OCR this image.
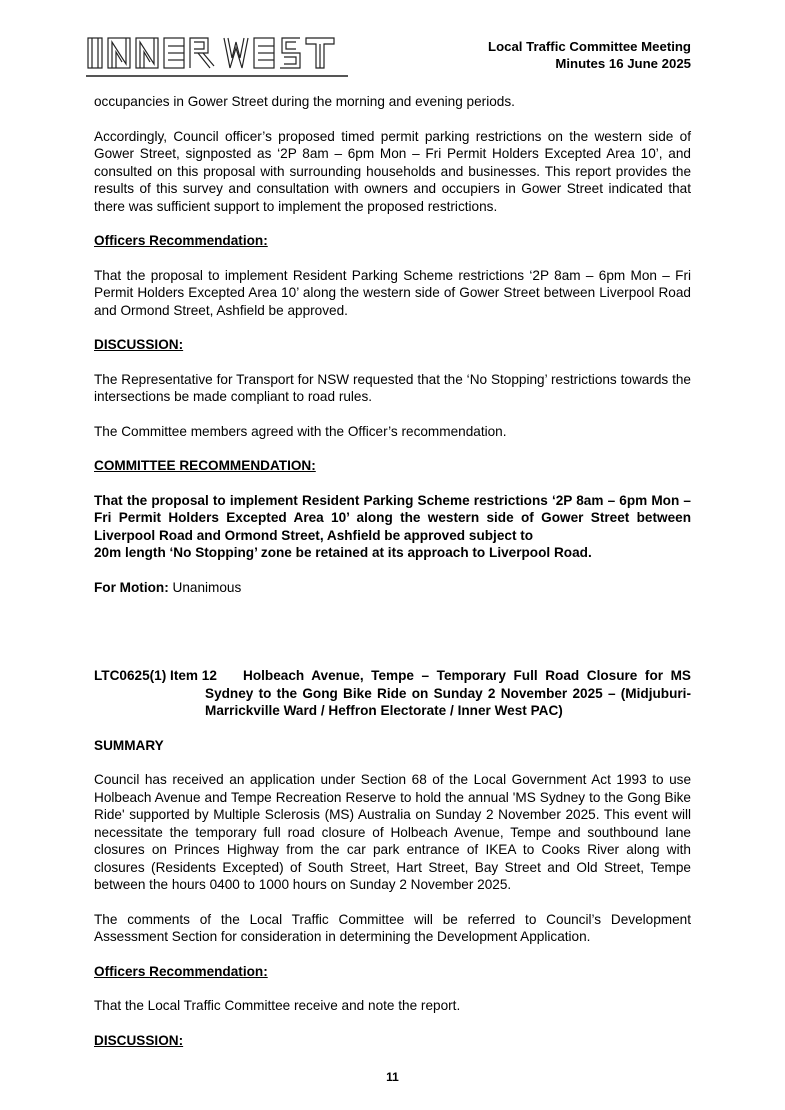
Local Traffic Committee Meeting
Minutes 16 June 2025

occupancies in Gower Street during the morning and evening periods.

Accordingly, Council officer’s proposed timed permit parking restrictions on the western side of Gower Street, signposted as ‘2P 8am – 6pm Mon – Fri Permit Holders Excepted Area 10’, and consulted on this proposal with surrounding households and businesses. This report provides the results of this survey and consultation with owners and occupiers in Gower Street indicated that there was sufficient support to implement the proposed restrictions.

Officers Recommendation:

That the proposal to implement Resident Parking Scheme restrictions ‘2P 8am – 6pm Mon – Fri Permit Holders Excepted Area 10’ along the western side of Gower Street between Liverpool Road and Ormond Street, Ashfield be approved.

DISCUSSION:

The Representative for Transport for NSW requested that the ‘No Stopping’ restrictions towards the intersections be made compliant to road rules.

The Committee members agreed with the Officer’s recommendation.

COMMITTEE RECOMMENDATION:

That the proposal to implement Resident Parking Scheme restrictions ‘2P 8am – 6pm Mon – Fri Permit Holders Excepted Area 10’ along the western side of Gower Street between Liverpool Road and Ormond Street, Ashfield be approved subject to

20m length ‘No Stopping’ zone be retained at its approach to Liverpool Road.

For Motion: Unanimous

LTC0625(1) Item 12	Holbeach Avenue, Tempe – Temporary Full Road Closure for MS Sydney to the Gong Bike Ride on Sunday 2 November 2025 – (Midjuburi-Marrickville Ward / Heffron Electorate / Inner West PAC)

SUMMARY

Council has received an application under Section 68 of the Local Government Act 1993 to use Holbeach Avenue and Tempe Recreation Reserve to hold the annual 'MS Sydney to the Gong Bike Ride' supported by Multiple Sclerosis (MS) Australia on Sunday 2 November 2025. This event will necessitate the temporary full road closure of Holbeach Avenue, Tempe and southbound lane closures on Princes Highway from the car park entrance of IKEA to Cooks River along with closures (Residents Excepted) of South Street, Hart Street, Bay Street and Old Street, Tempe between the hours 0400 to 1000 hours on Sunday 2 November 2025.

The comments of the Local Traffic Committee will be referred to Council’s Development Assessment Section for consideration in determining the Development Application.

Officers Recommendation:

That the Local Traffic Committee receive and note the report.

DISCUSSION:

11
